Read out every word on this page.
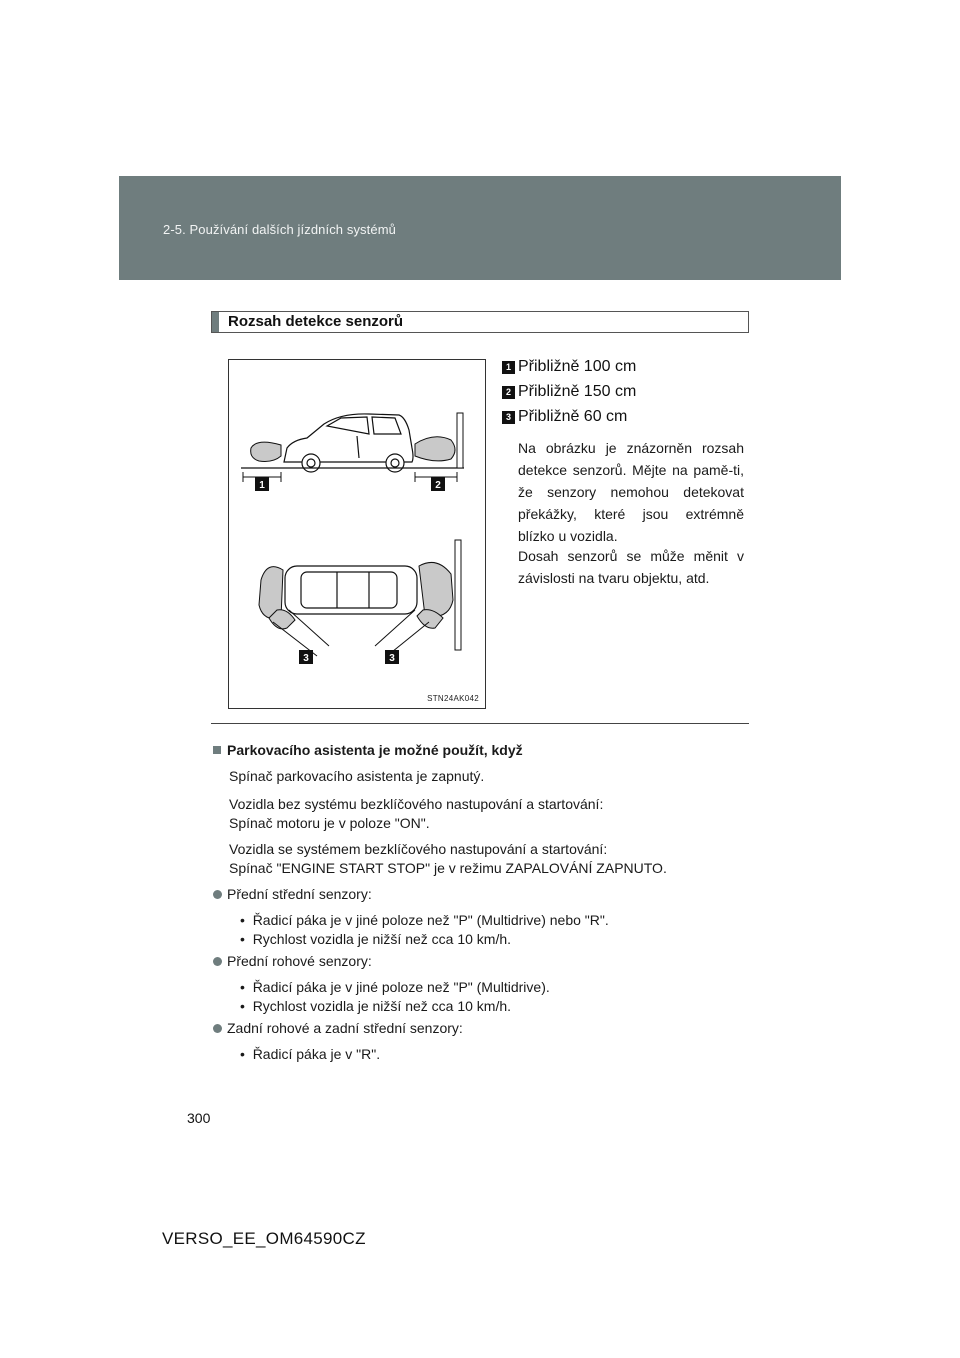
2-5. Používání dalších jízdních systémů
Rozsah detekce senzorů
1	2
3	3
STN24AK042
1 Přibližně 100 cm
2 Přibližně 150 cm
3 Přibližně 60 cm
Na obrázku je znázorněn rozsah detekce senzorů. Mějte na pamě-ti, že senzory nemohou detekovat překážky, které jsou extrémně blízko u vozidla.
Dosah senzorů se může měnit v závislosti na tvaru objektu, atd.
Parkovacího asistenta je možné použít, když
Spínač parkovacího asistenta je zapnutý.
Vozidla bez systému bezklíčového nastupování a startování:
Spínač motoru je v poloze "ON".
Vozidla se systémem bezklíčového nastupování a startování:
Spínač "ENGINE START STOP" je v režimu ZAPALOVÁNÍ ZAPNUTO.
Přední střední senzory:
•  Řadicí páka je v jiné poloze než "P" (Multidrive) nebo "R".
•  Rychlost vozidla je nižší než cca 10 km/h.
Přední rohové senzory:
•  Řadicí páka je v jiné poloze než "P" (Multidrive).
•  Rychlost vozidla je nižší než cca 10 km/h.
Zadní rohové a zadní střední senzory:
•  Řadicí páka je v "R".
300
VERSO_EE_OM64590CZ
